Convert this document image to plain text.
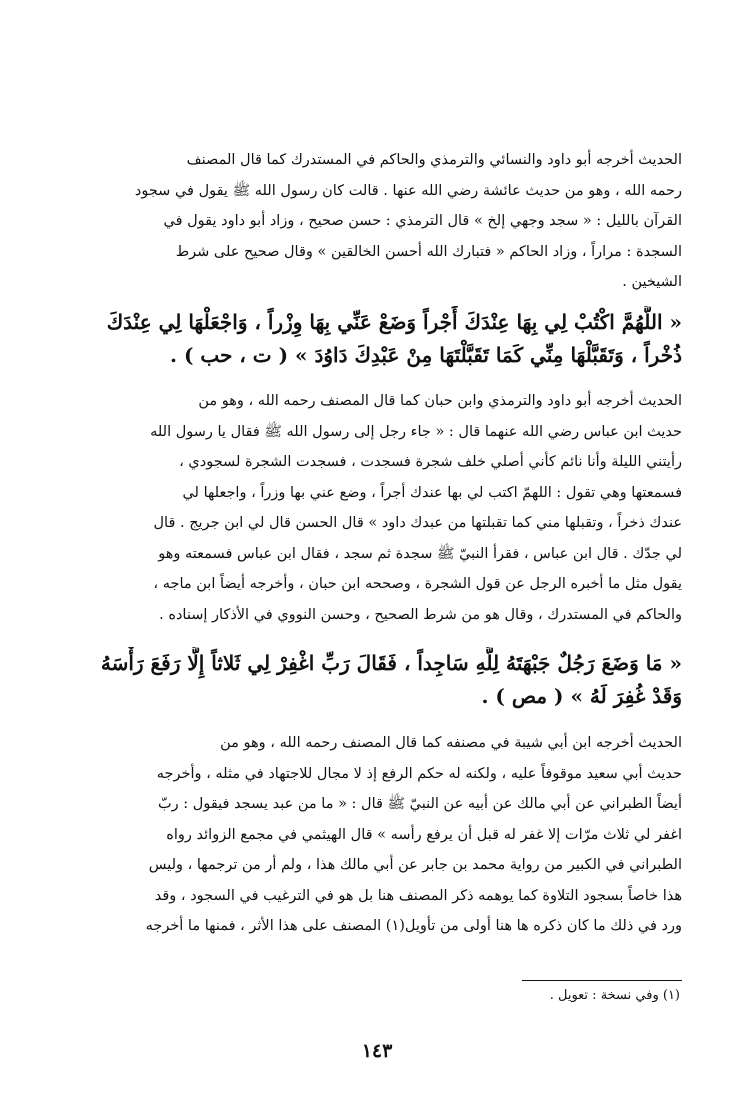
الحديث أخرجه أبو داود والنسائي والترمذي والحاكم في المستدرك كما قال المصنف
رحمه الله ، وهو من حديث عائشة رضي الله عنها . قالت كان رسول الله ﷺ يقول في سجود
القرآن بالليل : « سجد وجهي إلخ » قال الترمذي : حسن صحيح ، وزاد أبو داود يقول في
السجدة : مراراً ، وزاد الحاكم « فتبارك الله أحسن الخالقين » وقال صحيح على شرط
الشيخين .
« اللَّهُمَّ اكْتُبْ لِي بِهَا عِنْدَكَ أَجْراً وَضَعْ عَنِّي بِهَا وِزْراً ، وَاجْعَلْهَا لِي عِنْدَكَ
ذُخْراً ، وَتَقَبَّلْهَا مِنِّي كَمَا تَقَبَّلْتَهَا مِنْ عَبْدِكَ دَاوُدَ » ( ت ، حب ) .
الحديث أخرجه أبو داود والترمذي وابن حبان كما قال المصنف رحمه الله ، وهو من
حديث ابن عباس رضي الله عنهما قال : « جاء رجل إلى رسول الله ﷺ فقال يا رسول الله
رأيتني الليلة وأنا نائم كأني أصلي خلف شجرة فسجدت ، فسجدت الشجرة لسجودي ،
فسمعتها وهي تقول : اللهمّ اكتب لي بها عندك أجراً ، وضع عني بها وزراً ، واجعلها لي
عندك ذخراً ، وتقبلها مني كما تقبلتها من عبدك داود » قال الحسن قال لي ابن جريج . قال
لي جدّك . قال ابن عباس ، فقرأ النبيّ ﷺ سجدة ثم سجد ، فقال ابن عباس فسمعته وهو
يقول مثل ما أخبره الرجل عن قول الشجرة ، وصححه ابن حبان ، وأخرجه أيضاً ابن ماجه ،
والحاكم في المستدرك ، وقال هو من شرط الصحيح ، وحسن النووي في الأذكار إسناده .
« مَا وَضَعَ رَجُلٌ جَبْهَتَهُ لِلَّهِ سَاجِداً ، فَقَالَ رَبِّ اغْفِرْ لِي ثَلاثاً إِلَّا رَفَعَ رَأْسَهُ
وَقَدْ غُفِرَ لَهُ » ( مص ) .
الحديث أخرجه ابن أبي شيبة في مصنفه كما قال المصنف رحمه الله ، وهو من
حديث أبي سعيد موقوفاً عليه ، ولكنه له حكم الرفع إذ لا مجال للاجتهاد في مثله ، وأخرجه
أيضاً الطبراني عن أبي مالك عن أبيه عن النبيّ ﷺ قال : « ما من عبد يسجد فيقول : ربّ
اغفر لي ثلاث مرّات إلا غفر له قبل أن يرفع رأسه » قال الهيثمي في مجمع الزوائد رواه
الطبراني في الكبير من رواية محمد بن جابر عن أبي مالك هذا ، ولم أر من ترجمها ، وليس
هذا خاصاً بسجود التلاوة كما يوهمه ذكر المصنف هنا بل هو في الترغيب في السجود ، وقد
ورد في ذلك ما كان ذكره ها هنا أولى من تأويل(١) المصنف على هذا الأثر ، فمنها ما أخرجه
(١) وفي نسخة : تعويل .
١٤٣
